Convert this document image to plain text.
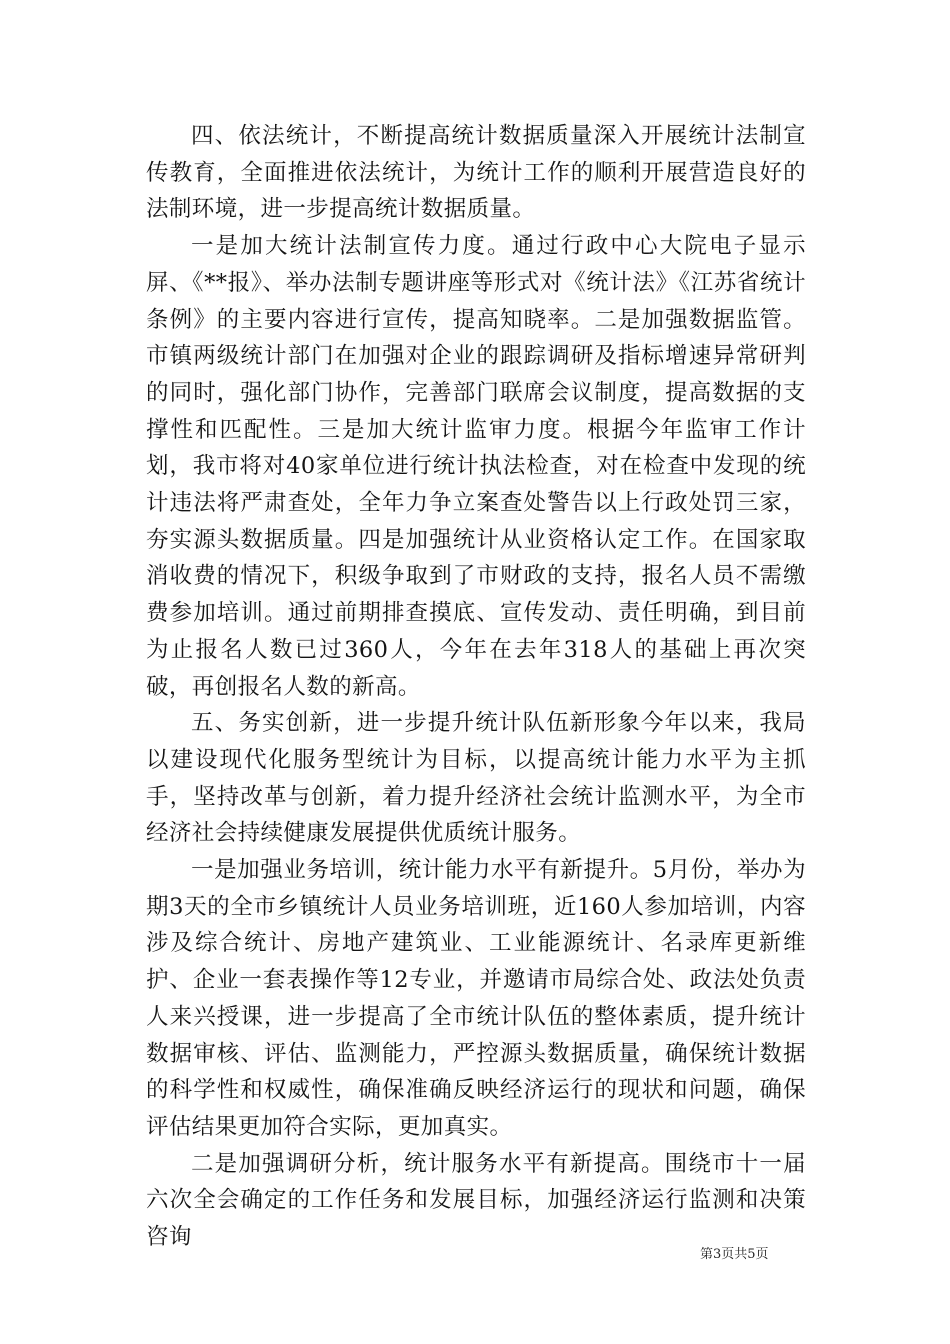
四、依法统计，不断提高统计数据质量深入开展统计法制宣传教育，全面推进依法统计，为统计工作的顺利开展营造良好的法制环境，进一步提高统计数据质量。

一是加大统计法制宣传力度。通过行政中心大院电子显示屏、《**报》、举办法制专题讲座等形式对《统计法》《江苏省统计条例》的主要内容进行宣传，提高知晓率。二是加强数据监管。市镇两级统计部门在加强对企业的跟踪调研及指标增速异常研判的同时，强化部门协作，完善部门联席会议制度，提高数据的支撑性和匹配性。三是加大统计监审力度。根据今年监审工作计划，我市将对40家单位进行统计执法检查，对在检查中发现的统计违法将严肃查处，全年力争立案查处警告以上行政处罚三家，夯实源头数据质量。四是加强统计从业资格认定工作。在国家取消收费的情况下，积级争取到了市财政的支持，报名人员不需缴费参加培训。通过前期排查摸底、宣传发动、责任明确，到目前为止报名人数已过360人，今年在去年318人的基础上再次突破，再创报名人数的新高。

五、务实创新，进一步提升统计队伍新形象今年以来，我局以建设现代化服务型统计为目标，以提高统计能力水平为主抓手，坚持改革与创新，着力提升经济社会统计监测水平，为全市经济社会持续健康发展提供优质统计服务。

一是加强业务培训，统计能力水平有新提升。5月份，举办为期3天的全市乡镇统计人员业务培训班，近160人参加培训，内容涉及综合统计、房地产建筑业、工业能源统计、名录库更新维护、企业一套表操作等12专业，并邀请市局综合处、政法处负责人来兴授课，进一步提高了全市统计队伍的整体素质，提升统计数据审核、评估、监测能力，严控源头数据质量，确保统计数据的科学性和权威性，确保准确反映经济运行的现状和问题，确保评估结果更加符合实际，更加真实。

二是加强调研分析，统计服务水平有新提高。围绕市十一届六次全会确定的工作任务和发展目标，加强经济运行监测和决策咨询

第3页共5页
